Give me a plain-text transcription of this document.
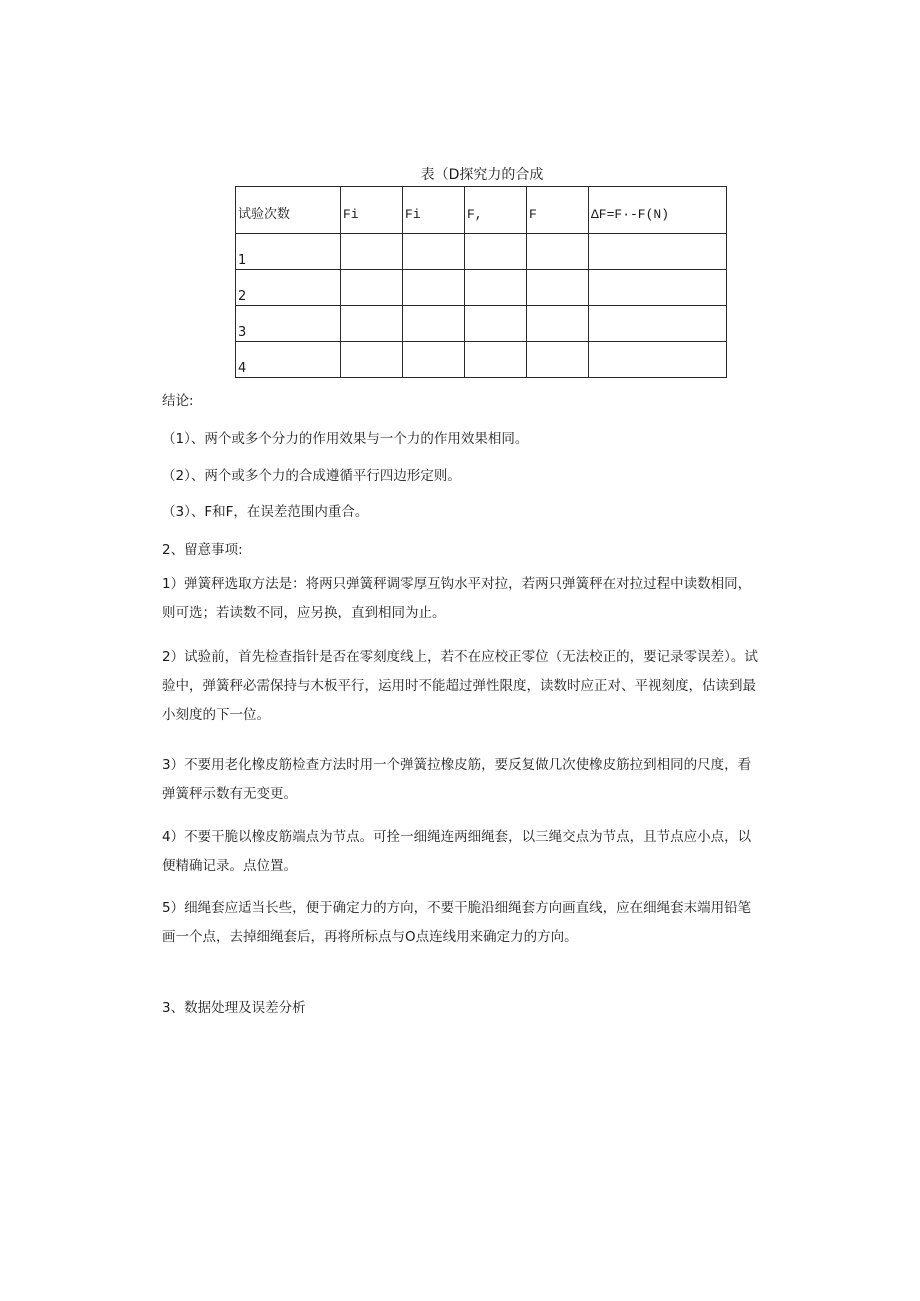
表（D探究力的合成
试验次数	Fi	Fi	F,	F	ΔF=F·-F(N)
1					
2					
3					
4					
结论:
（1）、两个或多个分力的作用效果与一个力的作用效果相同。
（2）、两个或多个力的合成遵循平行四边形定则。
（3）、F和F，在误差范围内重合。
2、留意事项:
1）弹簧秤选取方法是：将两只弹簧秤调零厚互钩水平对拉，若两只弹簧秤在对拉过程中读数相同，则可选；若读数不同，应另换，直到相同为止。
2）试验前，首先检查指针是否在零刻度线上，若不在应校正零位（无法校正的，要记录零误差）。试验中，弹簧秤必需保持与木板平行，运用时不能超过弹性限度，读数时应正对、平视刻度，估读到最小刻度的下一位。
3）不要用老化橡皮筋检查方法时用一个弹簧拉橡皮筋，要反复做几次使橡皮筋拉到相同的尺度，看弹簧秤示数有无变更。
4）不要干脆以橡皮筋端点为节点。可拴一细绳连两细绳套，以三绳交点为节点，且节点应小点，以便精确记录。点位置。
5）细绳套应适当长些，便于确定力的方向，不要干脆沿细绳套方向画直线，应在细绳套末端用铅笔画一个点，去掉细绳套后，再将所标点与O点连线用来确定力的方向。
3、数据处理及误差分析
